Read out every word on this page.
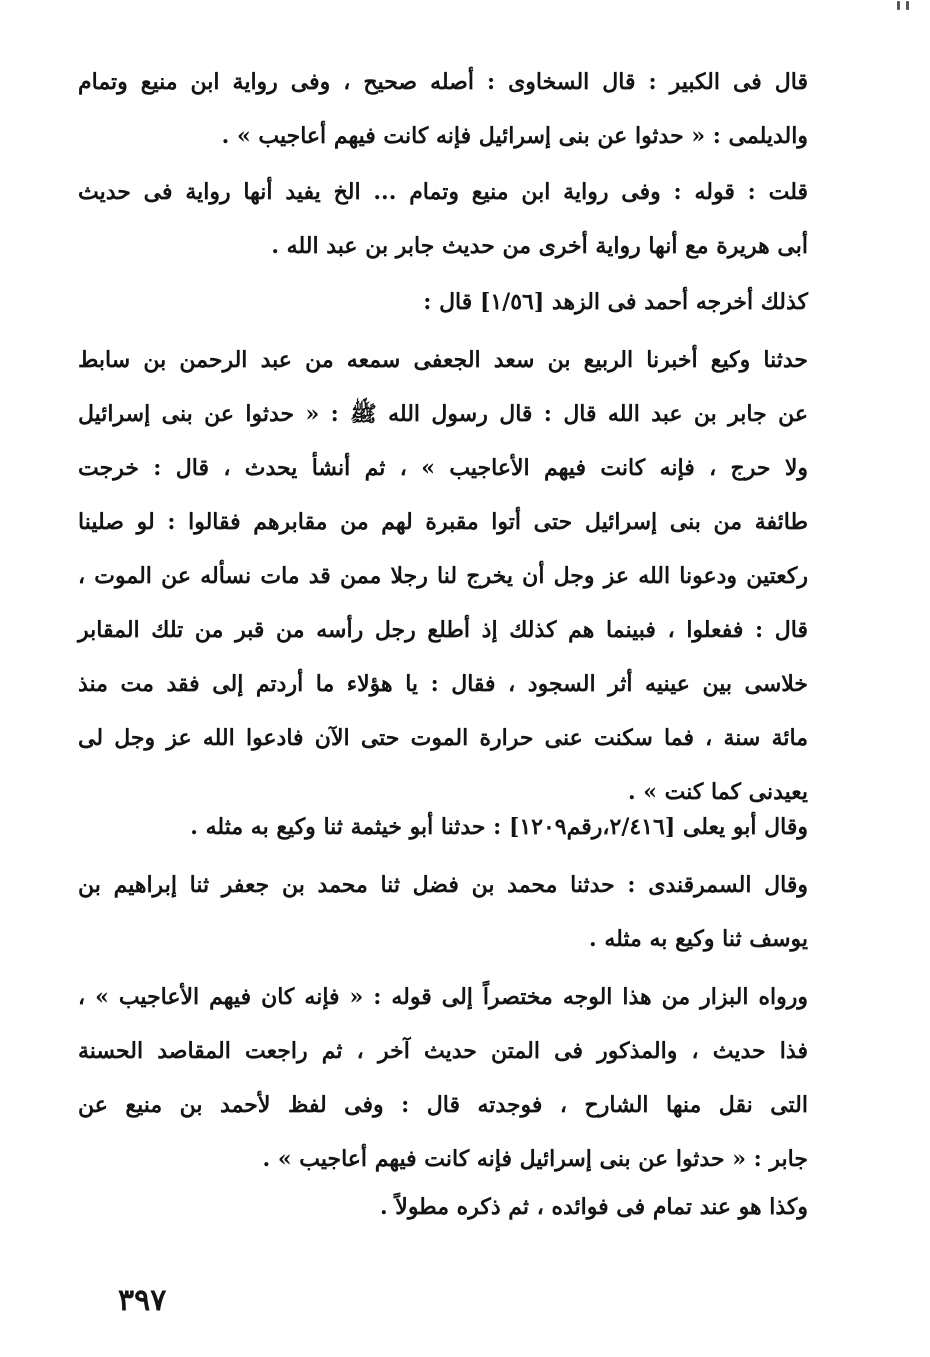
قال فى الكبير : قال السخاوى : أصله صحيح ، وفى رواية ابن منيع وتمام
والديلمى : « حدثوا عن بنى إسرائيل فإنه كانت فيهم أعاجيب » .
قلت : قوله : وفى رواية ابن منيع وتمام ... الخ يفيد أنها رواية فى حديث
أبى هريرة مع أنها رواية أخرى من حديث جابر بن عبد الله .
كذلك أخرجه أحمد فى الزهد [١/٥٦] قال :
حدثنا وكيع أخبرنا الربيع بن سعد الجعفى سمعه من عبد الرحمن بن سابط
عن جابر بن عبد الله قال : قال رسول الله ﷺ : « حدثوا عن بنى إسرائيل
ولا حرج ، فإنه كانت فيهم الأعاجيب » ، ثم أنشأ يحدث ، قال : خرجت
طائفة من بنى إسرائيل حتى أتوا مقبرة لهم من مقابرهم فقالوا : لو صلينا
ركعتين ودعونا الله عز وجل أن يخرج لنا رجلا ممن قد مات نسأله عن الموت ،
قال : ففعلوا ، فبينما هم كذلك إذ أطلع رجل رأسه من قبر من تلك المقابر
خلاسى بين عينيه أثر السجود ، فقال : يا هؤلاء ما أردتم إلى فقد مت منذ
مائة سنة ، فما سكنت عنى حرارة الموت حتى الآن فادعوا الله عز وجل لى
يعيدنى كما كنت » .
وقال أبو يعلى [٢/٤١٦،رقم١٢٠٩] : حدثنا أبو خيثمة ثنا وكيع به مثله .
وقال السمرقندى : حدثنا محمد بن فضل ثنا محمد بن جعفر ثنا إبراهيم بن
يوسف ثنا وكيع به مثله .
ورواه البزار من هذا الوجه مختصراً إلى قوله : « فإنه كان فيهم الأعاجيب » ،
فذا حديث ، والمذكور فى المتن حديث آخر ، ثم راجعت المقاصد الحسنة
التى نقل منها الشارح ، فوجدته قال : وفى لفظ لأحمد بن منيع عن
جابر : « حدثوا عن بنى إسرائيل فإنه كانت فيهم أعاجيب » .
وكذا هو عند تمام فى فوائده ، ثم ذكره مطولاً .
٣٩٧
